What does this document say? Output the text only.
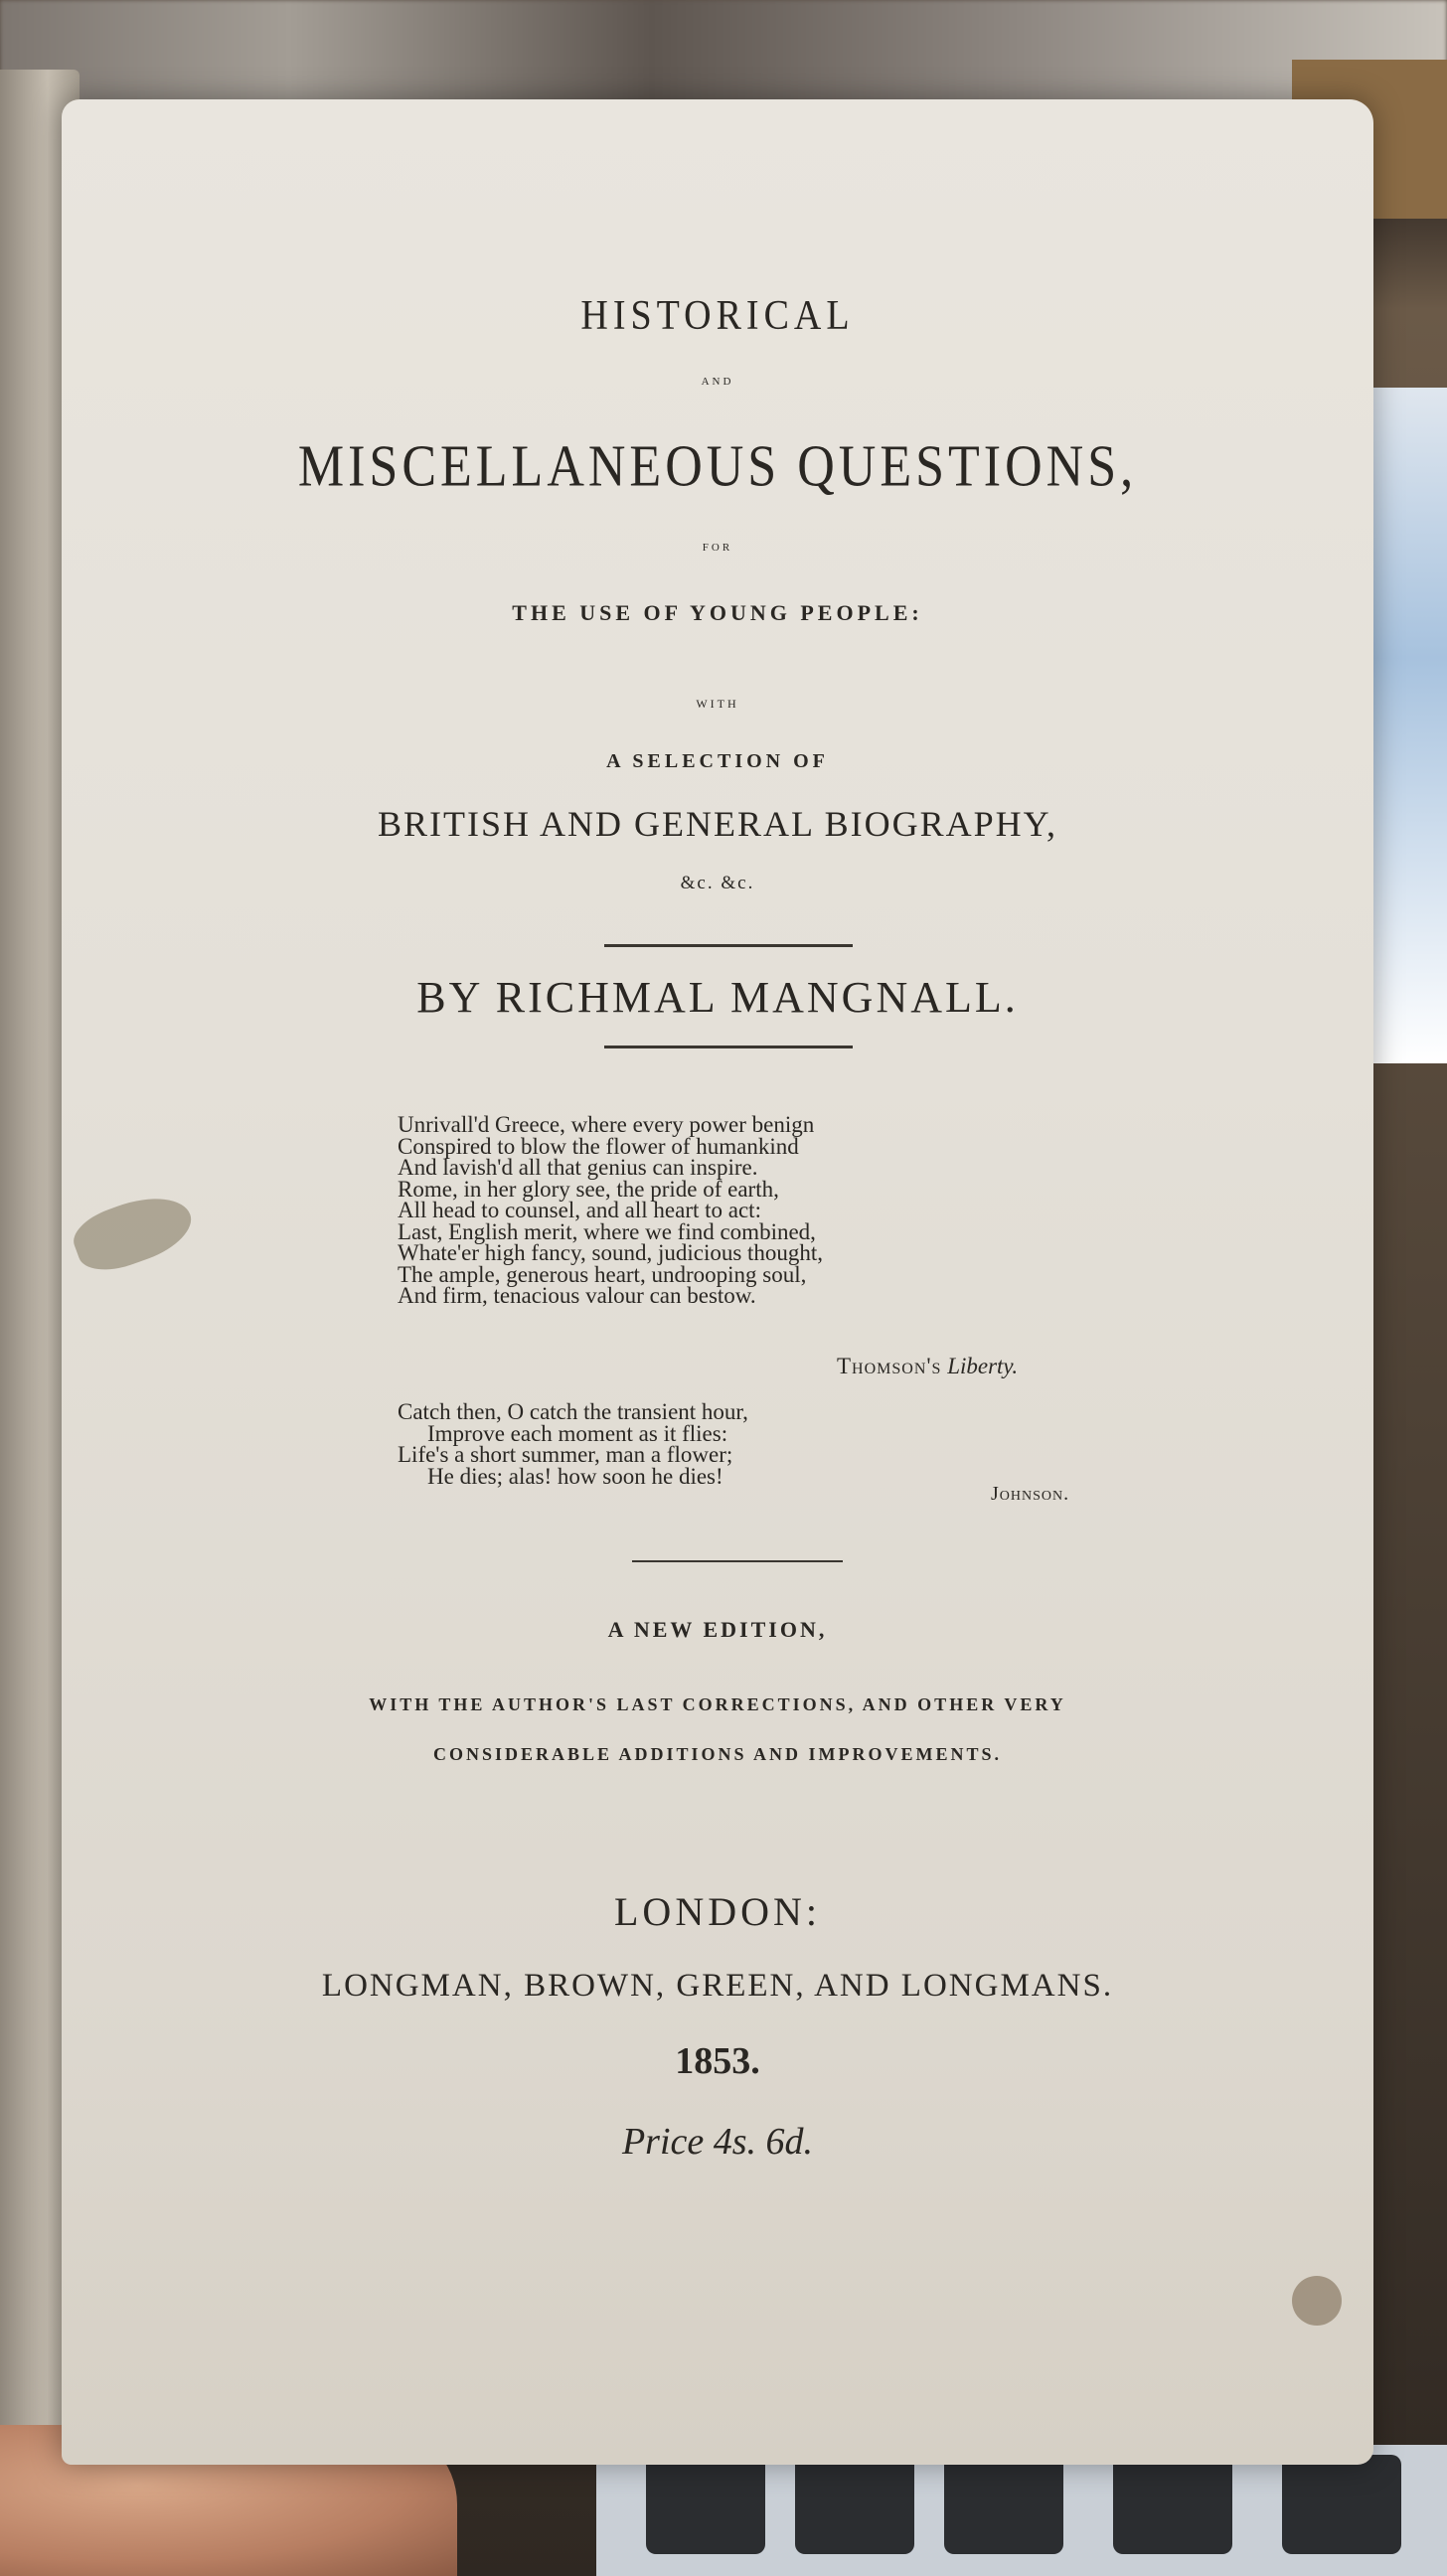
HISTORICAL
AND
MISCELLANEOUS QUESTIONS,
FOR
THE USE OF YOUNG PEOPLE:
WITH
A SELECTION OF
BRITISH AND GENERAL BIOGRAPHY,
&c. &c.
BY RICHMAL MANGNALL.
Unrivall'd Greece, where every power benign
Conspired to blow the flower of humankind
And lavish'd all that genius can inspire.
Rome, in her glory see, the pride of earth,
All head to counsel, and all heart to act:
Last, English merit, where we find combined,
Whate'er high fancy, sound, judicious thought,
The ample, generous heart, undrooping soul,
And firm, tenacious valour can bestow.
Thomson's Liberty.
Catch then, O catch the transient hour,
Improve each moment as it flies:
Life's a short summer, man a flower;
He dies; alas! how soon he dies!
Johnson.
A NEW EDITION,
WITH THE AUTHOR'S LAST CORRECTIONS, AND OTHER VERY
CONSIDERABLE ADDITIONS AND IMPROVEMENTS.
LONDON:
LONGMAN, BROWN, GREEN, AND LONGMANS.
1853.
Price 4s. 6d.
